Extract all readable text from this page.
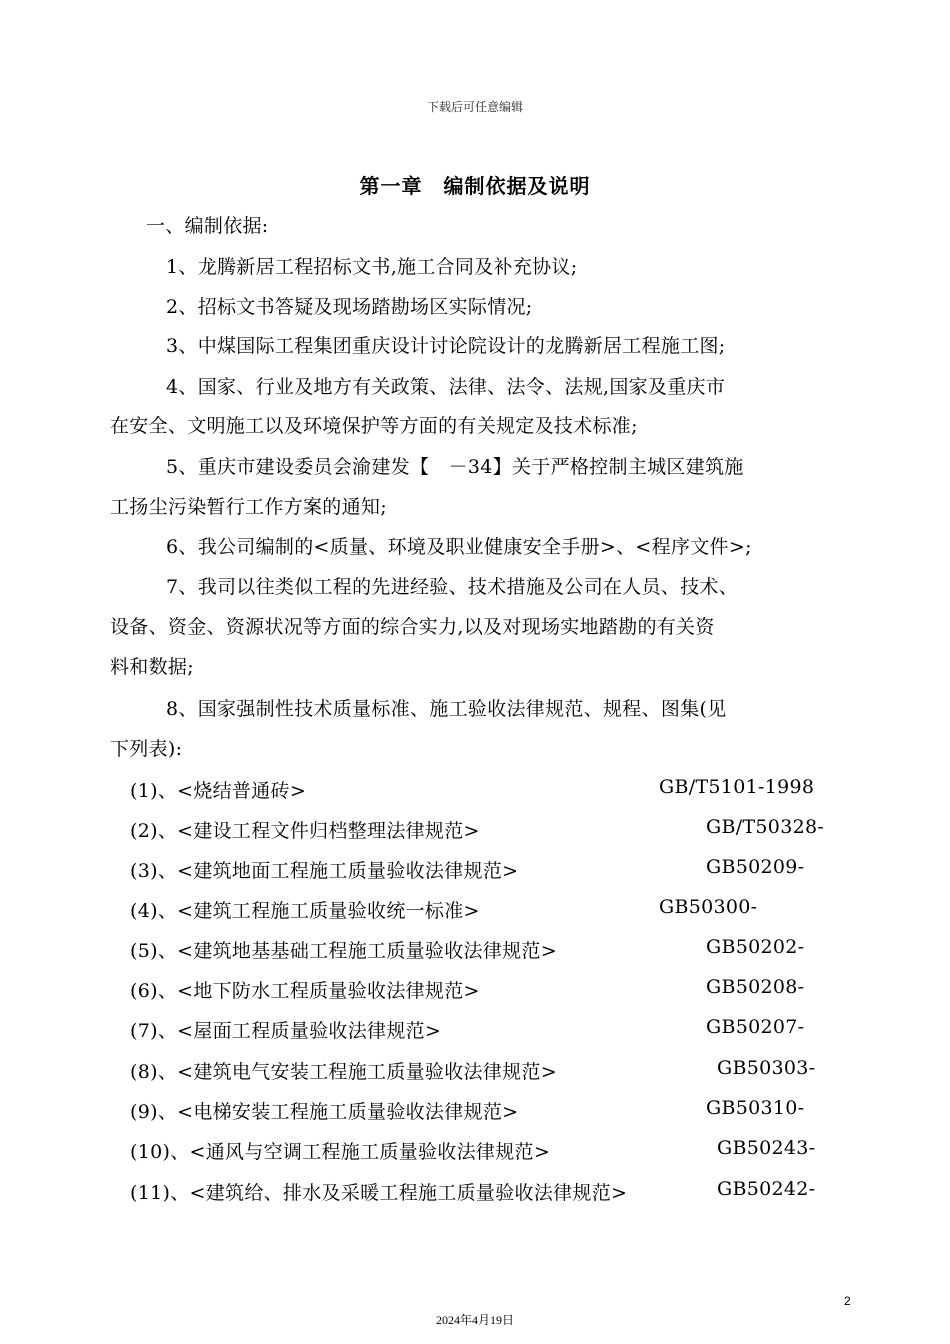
下载后可任意编辑
第一章　编制依据及说明
一、编制依据:
1、龙腾新居工程招标文书,施工合同及补充协议;
2、招标文书答疑及现场踏勘场区实际情况;
3、中煤国际工程集团重庆设计讨论院设计的龙腾新居工程施工图;
4、国家、行业及地方有关政策、法律、法令、法规,国家及重庆市
在安全、文明施工以及环境保护等方面的有关规定及技术标准;
5、重庆市建设委员会渝建发【　－34】关于严格控制主城区建筑施
工扬尘污染暂行工作方案的通知;
6、我公司编制的<质量、环境及职业健康安全手册>、<程序文件>;
7、我司以往类似工程的先进经验、技术措施及公司在人员、技术、
设备、资金、资源状况等方面的综合实力,以及对现场实地踏勘的有关资
料和数据;
8、国家强制性技术质量标准、施工验收法律规范、规程、图集(见
下列表):
(1)、<烧结普通砖>	GB/T5101-1998
(2)、<建设工程文件归档整理法律规范>	GB/T50328-
(3)、<建筑地面工程施工质量验收法律规范>	GB50209-
(4)、<建筑工程施工质量验收统一标准>	GB50300-
(5)、<建筑地基基础工程施工质量验收法律规范>	GB50202-
(6)、<地下防水工程质量验收法律规范>	GB50208-
(7)、<屋面工程质量验收法律规范>	GB50207-
(8)、<建筑电气安装工程施工质量验收法律规范>	GB50303-
(9)、<电梯安装工程施工质量验收法律规范>	GB50310-
(10)、<通风与空调工程施工质量验收法律规范>	GB50243-
(11)、<建筑给、排水及采暖工程施工质量验收法律规范>	GB50242-
2
2024年4月19日
